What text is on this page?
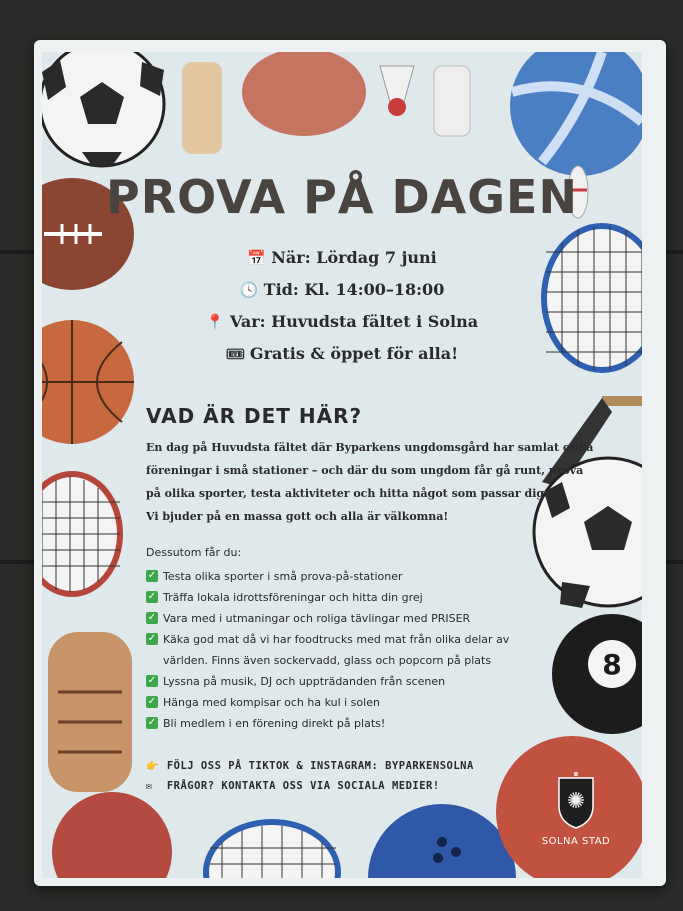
8
PROVA PÅ DAGEN
📅 När: Lördag 7 juni
🕓 Tid: Kl. 14:00–18:00
📍 Var: Huvudsta fältet i Solna
🎟 Gratis & öppet för alla!
VAD ÄR DET HÄR?
En dag på Huvudsta fältet där Byparkens ungdomsgård har samlat olika
föreningar i små stationer – och där du som ungdom får gå runt, prova
på olika sporter, testa aktiviteter och hitta något som passar dig.
Vi bjuder på en massa gott och alla är välkomna!
Dessutom får du:
✓ Testa olika sporter i små prova-på-stationer
✓ Träffa lokala idrottsföreningar och hitta din grej
✓ Vara med i utmaningar och roliga tävlingar med PRISER
✓ Käka god mat då vi har foodtrucks med mat från olika delar av världen. Finns även sockervadd, glass och popcorn på plats
✓ Lyssna på musik, DJ och uppträdanden från scenen
✓ Hänga med kompisar och ha kul i solen
✓ Bli medlem i en förening direkt på plats!
👉 FÖLJ OSS PÅ TIKTOK & INSTAGRAM: BYPARKENSOLNA
✉ FRÅGOR? KONTAKTA OSS VIA SOCIALA MEDIER!
♛
✺
SOLNA STAD
